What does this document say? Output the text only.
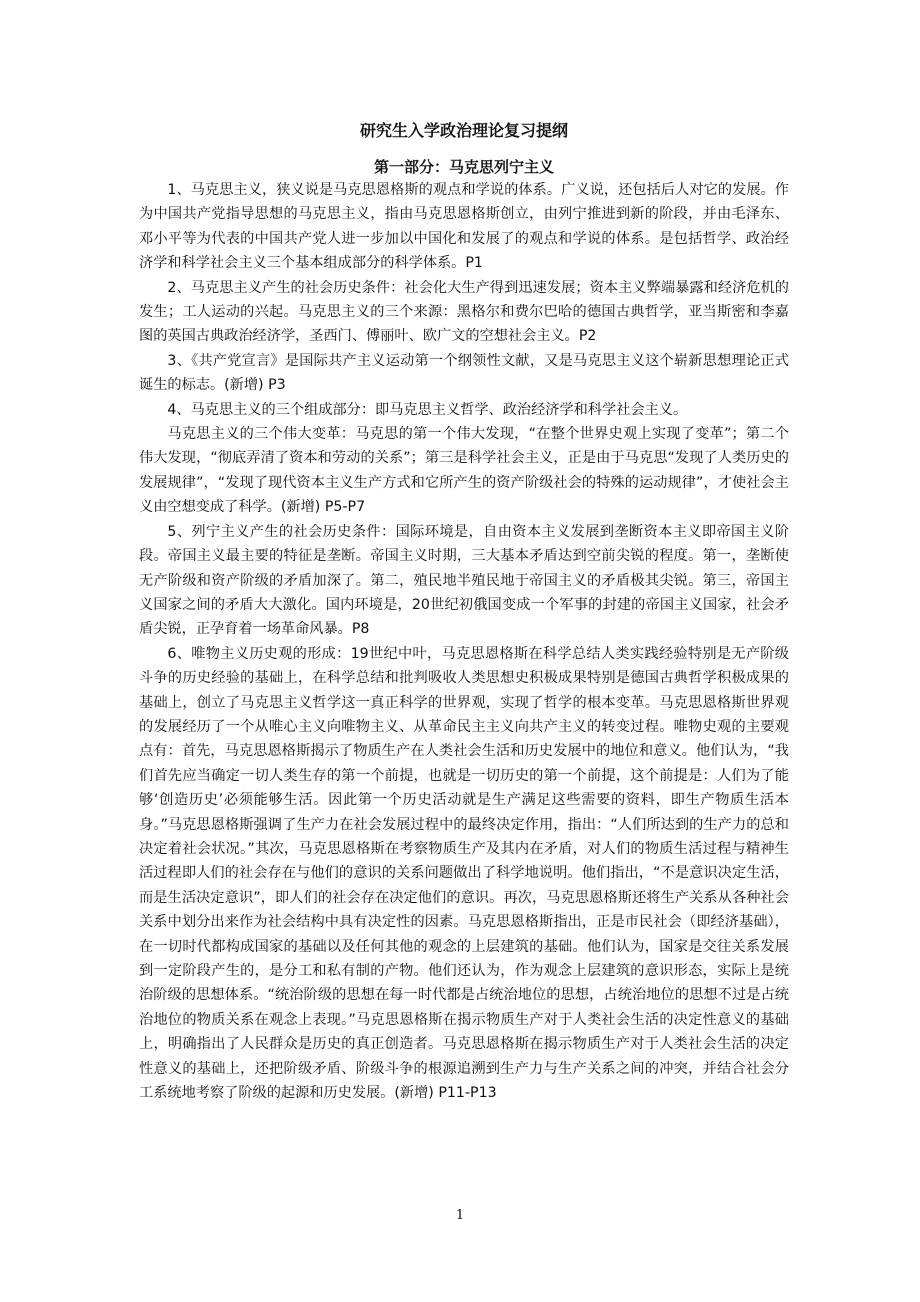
研究生入学政治理论复习提纲
第一部分：马克思列宁主义

1、马克思主义，狭义说是马克思恩格斯的观点和学说的体系。广义说，还包括后人对它的发展。作为中国共产党指导思想的马克思主义，指由马克思恩格斯创立，由列宁推进到新的阶段，并由毛泽东、邓小平等为代表的中国共产党人进一步加以中国化和发展了的观点和学说的体系。是包括哲学、政治经济学和科学社会主义三个基本组成部分的科学体系。P1

2、马克思主义产生的社会历史条件：社会化大生产得到迅速发展；资本主义弊端暴露和经济危机的发生；工人运动的兴起。马克思主义的三个来源：黑格尔和费尔巴哈的德国古典哲学，亚当斯密和李嘉图的英国古典政治经济学，圣西门、傅丽叶、欧广文的空想社会主义。P2

3、《共产党宣言》是国际共产主义运动第一个纲领性文献，又是马克思主义这个崭新思想理论正式诞生的标志。(新增) P3

4、马克思主义的三个组成部分：即马克思主义哲学、政治经济学和科学社会主义。

马克思主义的三个伟大变革：马克思的第一个伟大发现，“在整个世界史观上实现了变革”；第二个伟大发现，“彻底弄清了资本和劳动的关系”；第三是科学社会主义，正是由于马克思“发现了人类历史的发展规律”，“发现了现代资本主义生产方式和它所产生的资产阶级社会的特殊的运动规律”，才使社会主义由空想变成了科学。(新增) P5-P7

5、列宁主义产生的社会历史条件：国际环境是，自由资本主义发展到垄断资本主义即帝国主义阶段。帝国主义最主要的特征是垄断。帝国主义时期，三大基本矛盾达到空前尖锐的程度。第一，垄断使无产阶级和资产阶级的矛盾加深了。第二，殖民地半殖民地于帝国主义的矛盾极其尖锐。第三，帝国主义国家之间的矛盾大大激化。国内环境是，20世纪初俄国变成一个军事的封建的帝国主义国家，社会矛盾尖锐，正孕育着一场革命风暴。P8

6、唯物主义历史观的形成：19世纪中叶，马克思恩格斯在科学总结人类实践经验特别是无产阶级斗争的历史经验的基础上，在科学总结和批判吸收人类思想史积极成果特别是德国古典哲学积极成果的基础上，创立了马克思主义哲学这一真正科学的世界观，实现了哲学的根本变革。马克思恩格斯世界观的发展经历了一个从唯心主义向唯物主义、从革命民主主义向共产主义的转变过程。唯物史观的主要观点有：首先，马克思恩格斯揭示了物质生产在人类社会生活和历史发展中的地位和意义。他们认为，“我们首先应当确定一切人类生存的第一个前提，也就是一切历史的第一个前提，这个前提是：人们为了能够‘创造历史’必须能够生活。因此第一个历史活动就是生产满足这些需要的资料，即生产物质生活本身。”马克思恩格斯强调了生产力在社会发展过程中的最终决定作用，指出：“人们所达到的生产力的总和决定着社会状况。”其次，马克思恩格斯在考察物质生产及其内在矛盾，对人们的物质生活过程与精神生活过程即人们的社会存在与他们的意识的关系问题做出了科学地说明。他们指出，“不是意识决定生活，而是生活决定意识”，即人们的社会存在决定他们的意识。再次，马克思恩格斯还将生产关系从各种社会关系中划分出来作为社会结构中具有决定性的因素。马克思恩格斯指出，正是市民社会（即经济基础），在一切时代都构成国家的基础以及任何其他的观念的上层建筑的基础。他们认为，国家是交往关系发展到一定阶段产生的，是分工和私有制的产物。他们还认为，作为观念上层建筑的意识形态，实际上是统治阶级的思想体系。“统治阶级的思想在每一时代都是占统治地位的思想，占统治地位的思想不过是占统治地位的物质关系在观念上表现。”马克思恩格斯在揭示物质生产对于人类社会生活的决定性意义的基础上，明确指出了人民群众是历史的真正创造者。马克思恩格斯在揭示物质生产对于人类社会生活的决定性意义的基础上，还把阶级矛盾、阶级斗争的根源追溯到生产力与生产关系之间的冲突，并结合社会分工系统地考察了阶级的起源和历史发展。(新增) P11-P13

1
